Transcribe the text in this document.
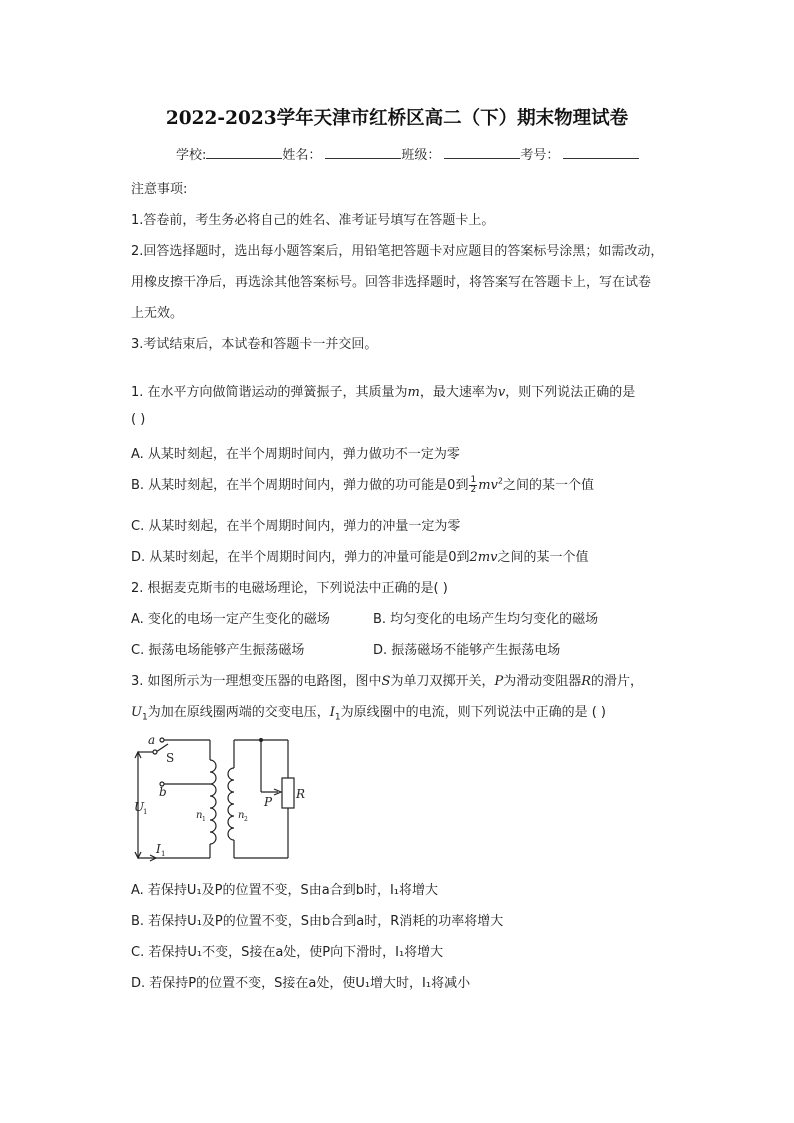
2022-2023学年天津市红桥区高二（下）期末物理试卷
学校:	姓名：	班级：	考号：
注意事项:
1.答卷前，考生务必将自己的姓名、准考证号填写在答题卡上。
2.回答选择题时，选出每小题答案后，用铅笔把答题卡对应题目的答案标号涂黑；如需改动，
用橡皮擦干净后，再选涂其他答案标号。回答非选择题时，将答案写在答题卡上，写在试卷
上无效。
3.考试结束后，本试卷和答题卡一并交回。
1. 在水平方向做简谐运动的弹簧振子，其质量为m，最大速率为v，则下列说法正确的是
( )
A. 从某时刻起，在半个周期时间内，弹力做功不一定为零
B. 从某时刻起，在半个周期时间内，弹力做的功可能是0到 $\frac{1}{2} mv^2$之间的某一个值
C. 从某时刻起，在半个周期时间内，弹力的冲量一定为零
D. 从某时刻起，在半个周期时间内，弹力的冲量可能是0到2mv之间的某一个值
2. 根据麦克斯韦的电磁场理论，下列说法中正确的是( )
A. 变化的电场一定产生变化的磁场	B. 均匀变化的电场产生均匀变化的磁场
C. 振荡电场能够产生振荡磁场	D. 振荡磁场不能够产生振荡电场
3. 如图所示为一理想变压器的电路图，图中S为单刀双掷开关，P为滑动变阻器R的滑片，
$U_1$为加在原线圈两端的交变电压，$I_1$为原线圈中的电流，则下列说法中正确的是 ( )
a
S
b
U
1
I 1
n 1	n 2
P
R
A. 若保持U₁及P的位置不变，S由a合到b时，I₁将增大
B. 若保持U₁及P的位置不变，S由b合到a时，R消耗的功率将增大
C. 若保持U₁不变，S接在a处，使P向下滑时，I₁将增大
D. 若保持P的位置不变，S接在a处，使U₁增大时，I₁将减小
